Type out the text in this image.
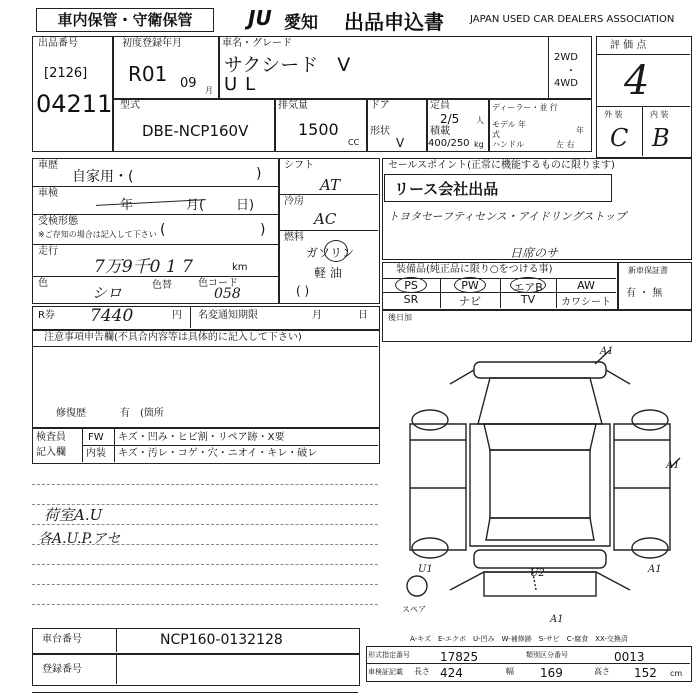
車内保管・守衛保管	JU 愛知 出品申込書	JAPAN USED CAR DEALERS ASSOCIATION
出品番号
[2126]
04211
初度登録年月
R01 09 月
車名・グレード
サクシード　V
UL
2WD
・
4WD
評 価 点
4
外 装	内 装
C B
型式
DBE-NCP160V
排気量
1500
CC
ドア
形状
V
定員
2/5 人
積載
400/250 kg
ディーラー・並 行
モデル 年式	年
ハンドル	左 右
車歴
自家用・(	)
車検
年	月( 日)
受検形態
※ご存知の場合は記入して下さい (	)
走行
7万9千0 1 7	km
色
シロ	色替	色コード
058
シフト
AT
冷房
AC
燃料
ガソリン
軽 油
( )
セールスポイント(正常に機能するものに限ります)
リース会社出品
トヨタセーフティセンス・アイドリングストップ
日席のサ
装備品(純正品に限り○をつける事)
PS	PW	エアB	AW
SR	ナビ	TV	カワシート
新車保証書
有 ・ 無
後日加
R券 7440	円 名変通知期限	月	日
注意事項申告欄(不具合内容等は具体的に記入して下さい)
修復歴	有 (箇所
検査員
記入欄
FW キズ・凹み・ヒビ割・リペア跡・X要
内装 キズ・汚レ・コゲ・穴・ニオイ・キレ・破レ
荷室A.U
各A.U.P.アセ
A1
A1
A1
U1	U2
A1
スペア
A-キズ　E-エクボ　U-凹み　W-補修跡　S-サビ　C-腐食　XX-交換済
車台番号	NCP160-0132128
登録番号
形式指定番号	17825	類別区分番号	0013
車検証記載 長さ 424	幅 169	高さ 152 cm
